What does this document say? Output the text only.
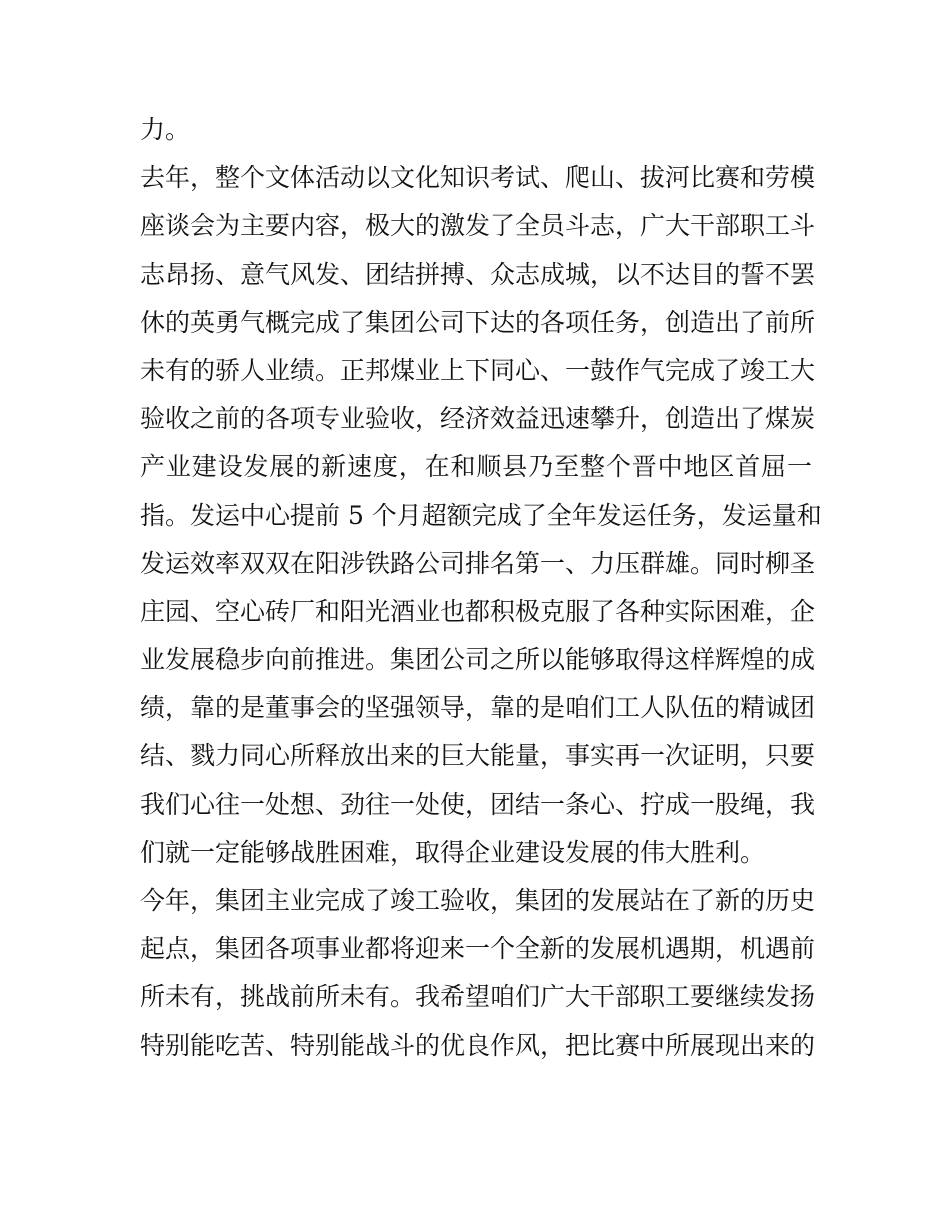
力。
去年，整个文体活动以文化知识考试、爬山、拔河比赛和劳模
座谈会为主要内容，极大的激发了全员斗志，广大干部职工斗
志昂扬、意气风发、团结拼搏、众志成城，以不达目的誓不罢
休的英勇气概完成了集团公司下达的各项任务，创造出了前所
未有的骄人业绩。正邦煤业上下同心、一鼓作气完成了竣工大
验收之前的各项专业验收，经济效益迅速攀升，创造出了煤炭
产业建设发展的新速度，在和顺县乃至整个晋中地区首屈一
指。发运中心提前 5 个月超额完成了全年发运任务，发运量和
发运效率双双在阳涉铁路公司排名第一、力压群雄。同时柳圣
庄园、空心砖厂和阳光酒业也都积极克服了各种实际困难，企
业发展稳步向前推进。集团公司之所以能够取得这样辉煌的成
绩，靠的是董事会的坚强领导，靠的是咱们工人队伍的精诚团
结、戮力同心所释放出来的巨大能量，事实再一次证明，只要
我们心往一处想、劲往一处使，团结一条心、拧成一股绳，我
们就一定能够战胜困难，取得企业建设发展的伟大胜利。
今年，集团主业完成了竣工验收，集团的发展站在了新的历史
起点，集团各项事业都将迎来一个全新的发展机遇期，机遇前
所未有，挑战前所未有。我希望咱们广大干部职工要继续发扬
特别能吃苦、特别能战斗的优良作风，把比赛中所展现出来的
